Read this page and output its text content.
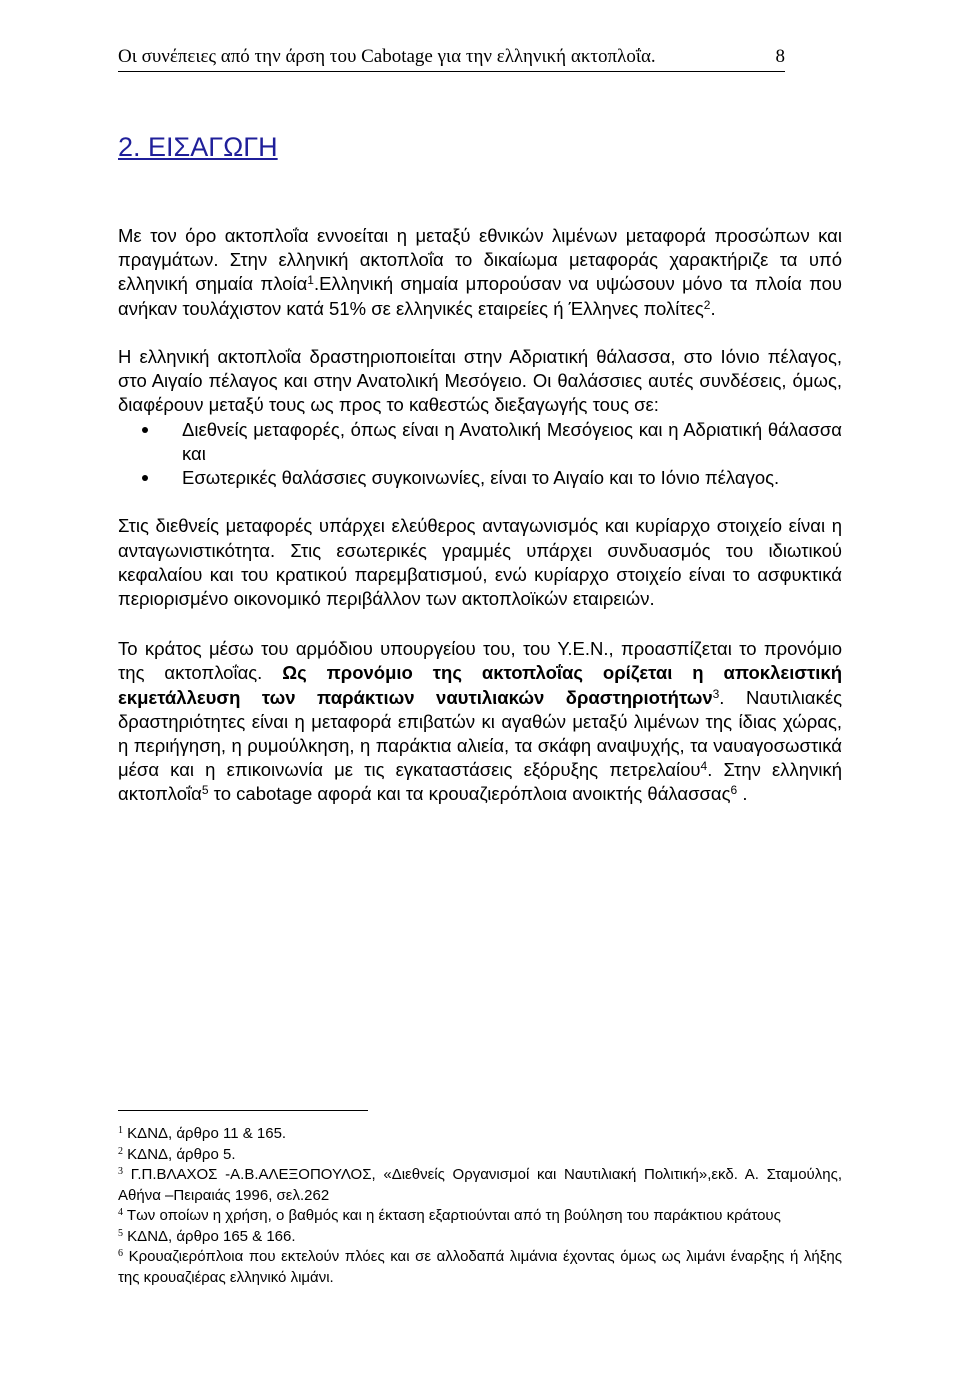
Οι συνέπειες από την άρση του Cabotage για την ελληνική ακτοπλοΐα.	8
2. ΕΙΣΑΓΩΓΗ

Με τον όρο ακτοπλοΐα εννοείται η μεταξύ εθνικών λιμένων μεταφορά προσώπων και πραγμάτων. Στην ελληνική ακτοπλοΐα το δικαίωμα μεταφοράς χαρακτήριζε τα υπό ελληνική σημαία πλοία$^1$.Ελληνική σημαία μπορούσαν να υψώσουν μόνο τα πλοία που ανήκαν τουλάχιστον κατά 51% σε ελληνικές εταιρείες ή Έλληνες πολίτες$^2$.

Η ελληνική ακτοπλοΐα δραστηριοποιείται στην Αδριατική θάλασσα, στο Ιόνιο πέλαγος, στο Αιγαίο πέλαγος και στην Ανατολική Μεσόγειο. Οι θαλάσσιες αυτές συνδέσεις, όμως, διαφέρουν μεταξύ τους ως προς το καθεστώς διεξαγωγής τους σε:

Διεθνείς μεταφορές, όπως είναι η Ανατολική Μεσόγειος και η Αδριατική θάλασσα και
Εσωτερικές θαλάσσιες συγκοινωνίες, είναι το Αιγαίο και το Ιόνιο πέλαγος.

Στις διεθνείς μεταφορές υπάρχει ελεύθερος ανταγωνισμός και κυρίαρχο στοιχείο είναι η ανταγωνιστικότητα. Στις εσωτερικές γραμμές υπάρχει συνδυασμός του ιδιωτικού κεφαλαίου και του κρατικού παρεμβατισμού, ενώ κυρίαρχο στοιχείο είναι το ασφυκτικά περιορισμένο οικονομικό περιβάλλον των ακτοπλοϊκών εταιρειών.

Το κράτος μέσω του αρμόδιου υπουργείου του, του Υ.Ε.Ν., προασπίζεται το προνόμιο της ακτοπλοΐας. Ως προνόμιο της ακτοπλοΐας ορίζεται η αποκλειστική εκμετάλλευση των παράκτιων ναυτιλιακών δραστηριοτήτων$^3$. Ναυτιλιακές δραστηριότητες είναι η μεταφορά επιβατών κι αγαθών μεταξύ λιμένων της ίδιας χώρας, η περιήγηση, η ρυμούλκηση, η παράκτια αλιεία, τα σκάφη αναψυχής, τα ναυαγοσωστικά μέσα και η επικοινωνία με τις εγκαταστάσεις εξόρυξης πετρελαίου$^4$. Στην ελληνική ακτοπλοΐα$^5$ το cabotage αφορά και τα κρουαζιερόπλοια ανοικτής θάλασσας$^6$ .

$^1$ ΚΔΝΔ, άρθρο 11 & 165.

$^2$ ΚΔΝΔ, άρθρο 5.

$^3$ Γ.Π.ΒΛΑΧΟΣ -Α.Β.ΑΛΕΞΟΠΟΥΛΟΣ, «Διεθνείς Οργανισμοί και Ναυτιλιακή Πολιτική»,εκδ. Α. Σταμούλης, Αθήνα –Πειραιάς 1996, σελ.262

$^4$ Των οποίων η χρήση, ο βαθμός και η έκταση εξαρτιούνται από τη βούληση του παράκτιου κράτους

$^5$ ΚΔΝΔ, άρθρο 165 & 166.

$^6$ Κρουαζιερόπλοια που εκτελούν πλόες και σε αλλοδαπά λιμάνια έχοντας όμως ως λιμάνι έναρξης ή λήξης της κρουαζιέρας ελληνικό λιμάνι.
